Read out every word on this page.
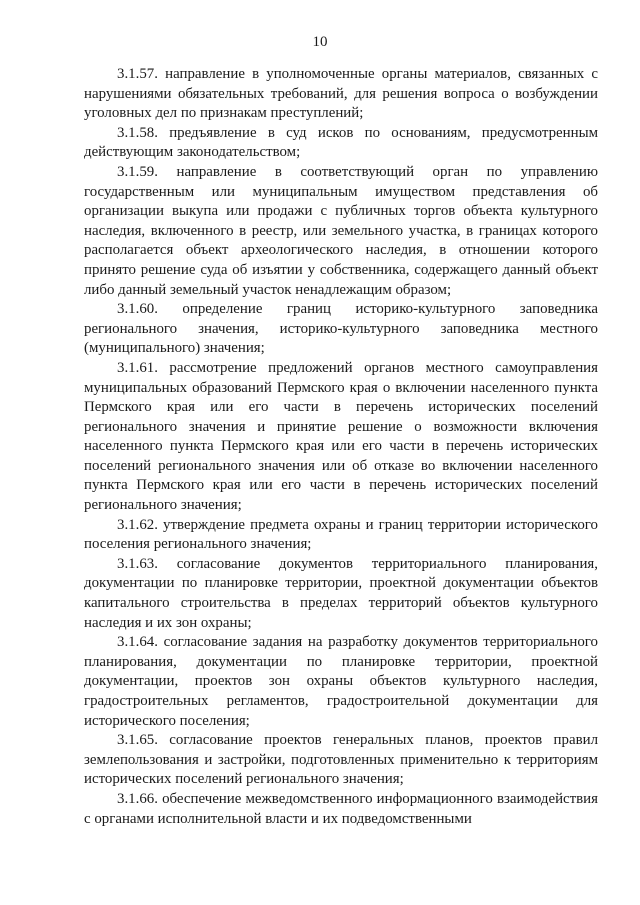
10

3.1.57. направление в уполномоченные органы материалов, связанных с нарушениями обязательных требований, для решения вопроса о возбуждении уголовных дел по признакам преступлений;

3.1.58. предъявление в суд исков по основаниям, предусмотренным действующим законодательством;

3.1.59. направление в соответствующий орган по управлению государственным или муниципальным имуществом представления об организации выкупа или продажи с публичных торгов объекта культурного наследия, включенного в реестр, или земельного участка, в границах которого располагается объект археологического наследия, в отношении которого принято решение суда об изъятии у собственника, содержащего данный объект либо данный земельный участок ненадлежащим образом;

3.1.60. определение границ историко-культурного заповедника регионального значения, историко-культурного заповедника местного (муниципального) значения;

3.1.61. рассмотрение предложений органов местного самоуправления муниципальных образований Пермского края о включении населенного пункта Пермского края или его части в перечень исторических поселений регионального значения и принятие решение о возможности включения населенного пункта Пермского края или его части в перечень исторических поселений регионального значения или об отказе во включении населенного пункта Пермского края или его части в перечень исторических поселений регионального значения;

3.1.62. утверждение предмета охраны и границ территории исторического поселения регионального значения;

3.1.63. согласование документов территориального планирования, документации по планировке территории, проектной документации объектов капитального строительства в пределах территорий объектов культурного наследия и их зон охраны;

3.1.64. согласование задания на разработку документов территориального планирования, документации по планировке территории, проектной документации, проектов зон охраны объектов культурного наследия, градостроительных регламентов, градостроительной документации для исторического поселения;

3.1.65. согласование проектов генеральных планов, проектов правил землепользования и застройки, подготовленных применительно к территориям исторических поселений регионального значения;

3.1.66. обеспечение межведомственного информационного взаимодействия с органами исполнительной власти и их подведомственными
